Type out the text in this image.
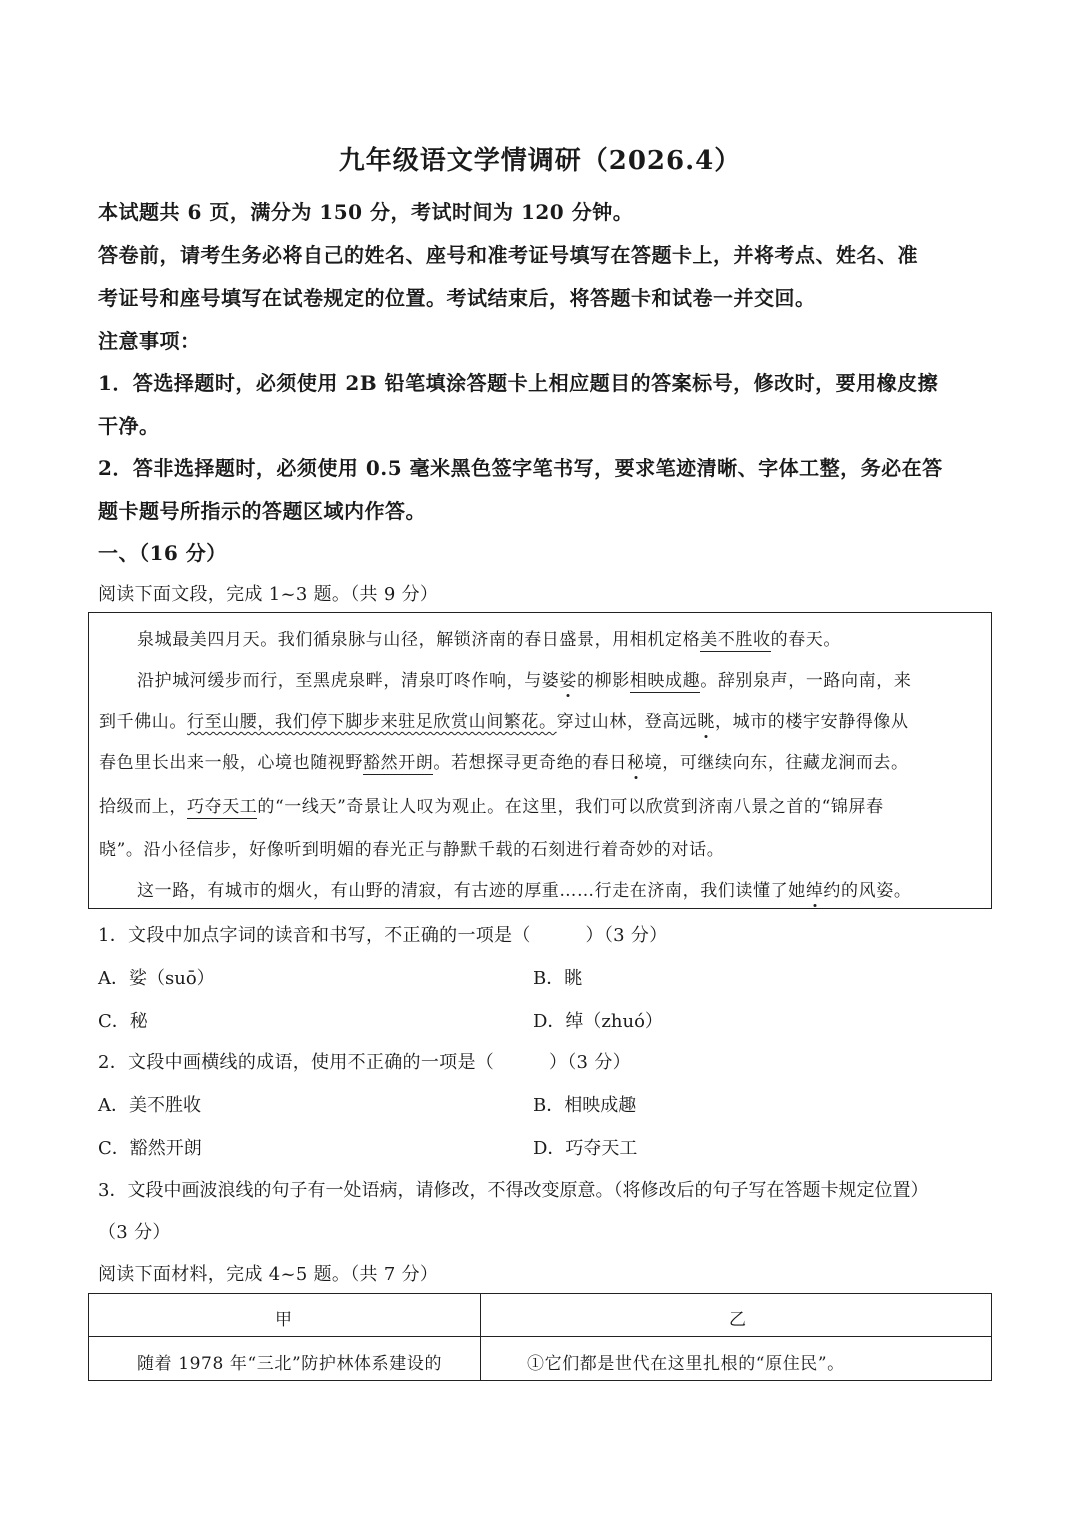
九年级语文学情调研（2026.4）
本试题共 6 页，满分为 150 分，考试时间为 120 分钟。
答卷前，请考生务必将自己的姓名、座号和准考证号填写在答题卡上，并将考点、姓名、准
考证号和座号填写在试卷规定的位置。考试结束后，将答题卡和试卷一并交回。
注意事项：
1．答选择题时，必须使用 2B 铅笔填涂答题卡上相应题目的答案标号，修改时，要用橡皮擦
干净。
2．答非选择题时，必须使用 0.5 毫米黑色签字笔书写，要求笔迹清晰、字体工整，务必在答
题卡题号所指示的答题区域内作答。
一、（16 分）
阅读下面文段，完成 1~3 题。（共 9 分）
泉城最美四月天。我们循泉脉与山径，解锁济南的春日盛景，用相机定格美不胜收的春天。
沿护城河缓步而行，至黑虎泉畔，清泉叮咚作响，与婆娑的柳影相映成趣。辞别泉声，一路向南，来
到千佛山。行至山腰，我们停下脚步来驻足欣赏山间繁花。穿过山林，登高远眺，城市的楼宇安静得像从
春色里长出来一般，心境也随视野豁然开朗。若想探寻更奇绝的春日秘境，可继续向东，往藏龙涧而去。
拾级而上，巧夺天工的“一线天”奇景让人叹为观止。在这里，我们可以欣赏到济南八景之首的“锦屏春
晓”。沿小径信步，好像听到明媚的春光正与静默千载的石刻进行着奇妙的对话。
这一路，有城市的烟火，有山野的清寂，有古迹的厚重……行走在济南，我们读懂了她绰约的风姿。
1．文段中加点字词的读音和书写，不正确的一项是（　　　）（3 分）
A．娑（suō）	B．眺
C．秘	D．绰（zhuó）
2．文段中画横线的成语，使用不正确的一项是（　　　）（3 分）
A．美不胜收	B．相映成趣
C．豁然开朗	D．巧夺天工
3．文段中画波浪线的句子有一处语病，请修改，不得改变原意。（将修改后的句子写在答题卡规定位置）
（3 分）
阅读下面材料，完成 4~5 题。（共 7 分）
甲	乙
随着 1978 年“三北”防护林体系建设的	①它们都是世代在这里扎根的“原住民”。
